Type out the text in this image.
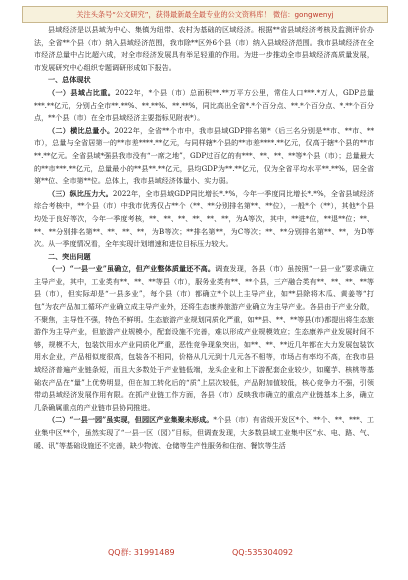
关注头条号“公文研究”，获得最新最全最专业的公文资料库！ 微信：gongwenyj

县域经济是以县域为中心、集镇为纽带、农村为基础的区域经济。根据**省县域经济考核及监测评价办法，全省**个县（市）纳入县域经济范围，我市除**区外6个县（市）纳入县域经济范围。我市县域经济在全市经济总量中占比超六成，对全市经济发展具有举足轻重的作用。为进一步推动全市县域经济高质量发展，市发展研究中心组织专题调研形成如下报告。

一、总体现状

（一）县域占比重。2022年，*个县（市）总面积**.**万平方公里，常住人口***.*万人，GDP总量***.**亿元，分别占全市**.**%、**.**%、**.**%，同比高出全省*.*个百分点、**.*个百分点、*.**个百分点，**个县（市）在全市县域经济主要指标见附表*）。

（二）横比总量小。2022年，全省**个市中，我市县域GDP排名第*（后三名分别是**市、**市、**市），总量与全省居第一的**市差****.**亿元，与同样辖*个县的**市差****.**亿元，仅高于辖*个县的**市**.**亿元。全省县域*强县我市没有“一席之地”，GDP过百亿的有***、**、**、**等*个县（市）；总量最大的**市***.**亿元，总量最小的**县**.**亿元，县均GDP为**.**亿元，仅为全省平均水平**.**%，居全省第**位、全市第**位。总体上，我市县域经济体量小、实力弱。

（三）纵比压力大。2022年，全市县域GDP同比增长*.*%，今年一季度同比增长*.*%，全省县域经济综合考核中，**个县（市）中我市优秀仅占**个（**、**分别排名第**、**位），一般*个（**），其他*个县均处于良好等次，今年一季度考核，**、**、**、**、**、**，为A等次，其中，**进*位，**退**位；**、**、**分别排名第**、**、**、**，为B等次；**排名第**，为C等次；**、**分别排名第**、**，为D等次。从一季度情况看，全年实现计划增速和进位目标压力较大。

二、突出问题

（一）“一县一业”虽确立，但产业整体质量还不高。调查发现，各县（市）虽按照“一县一业”要求确立主导产业，其中，工业类有**、**、**等县（市），服务业类有**、**个县，三产融合类有**、**、**、**等县（市），但实际却是“一县多业”，每个县（市）都确立*个以上主导产业，如**县除将木瓜、黄姜等“打包”为农产品加工循环产业确立成主导产业外，还将生态康养旅游产业确立为主导产业。各县由于产业分散，不聚焦，主导性不强，特色不鲜明。生态旅游产业规划同质化严重，如**县、**、**等县(市)都提出将生态旅游作为主导产业，但旅游产业规模小，配套设施不完善，难以形成产业规模效应；生态康养产业发展时间不够，规模不大，包装饮用水产业同质化严重，恶性竞争现象突出，如**、**、**近几年都在大力发展包装饮用水企业，产品相似度很高，包装各不相同，价格从几元到十几元各不相等，市场占有率均不高，在我市县域经济普遍产业链条短，而且大多数处于产业链低端，龙头企业和上下游配套企业较少，如魔芋、核桃等基础农产品在“量”上优势明显，但在加工转化后的“质”上层次较低，产品附加值较低，核心竞争力不强，引领带动县域经济发展作用有限。在抓产业链工作方面，各县（市）反映我市确立的重点产业链基本上多，确立几条确属重点的产业链市县协同推进。

（二）“一县一园”虽实现，但园区产业集聚未形成。*个县（市）有省级开发区*个、**个、**、***、工业集中区**个，虽然实现了“一县一区（园）”目标，但调查发现，大多数县域工业集中区“水、电、路、气、暖、讯”等基础设施还不完善，缺少物流、仓储等生产性服务和住宿、餐饮等生活

QQ群: 31991489	QQ:535304092
